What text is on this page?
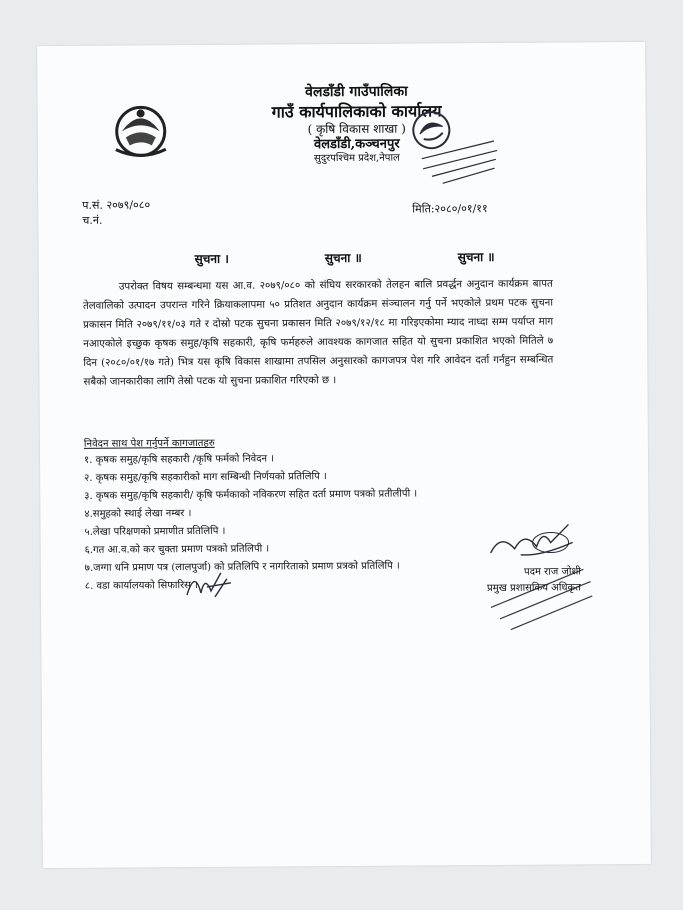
वेलडाँडी गाउँपालिका
गाउँ कार्यपालिकाको कार्यालय
( कृषि विकास शाखा )
वेलडाँडी,कञ्चनपुर
सुदुरपश्चिम प्रदेश,नेपाल
प.सं. २०७९/०८०
च.नं.
मिति:२०८०/०१/११
सुचना ।	सुचना ॥	सुचना ॥
उपरोक्त विषय सम्बन्धमा यस आ.व. २०७९/०८० को संघिय सरकारको तेलहन बालि प्रवर्द्धन अनुदान कार्यक्रम बापत तेलवालिको उत्पादन उपरान्त गरिने क्रियाकलापमा ५० प्रतिशत अनुदान कार्यक्रम संञ्चालन गर्नु पर्ने भएकोले प्रथम पटक सुचना प्रकासन मिति २०७९/११/०३ गते र दोस्रो पटक सुचना प्रकासन मिति २०७९/१२/१८ मा गरिइएकोमा म्याद नाघ्दा सम्म पर्याप्त माग नआएकोले इच्छुक कृषक समुह/कृषि सहकारी, कृषि फर्महरुले आवश्यक कागजात सहित यो सुचना प्रकाशित भएको मितिले ७ दिन (२०८०/०१/१७ गते) भित्र यस कृषि विकास शाखामा तपसिल अनुसारको कागजपत्र पेश गरि आवेदन दर्ता गर्नहुन सम्बन्धित सबैको जानकारीका लागि तेस्रो पटक यो सुचना प्रकाशित गरिएको छ ।
निवेदन साथ पेश गर्नुपर्ने कागजातहरु
१. कृषक समुह/कृषि सहकारी /कृषि फर्मको निवेदन ।
२. कृषक समुह/कृषि सहकारीको माग सम्बिन्धी निर्णयको प्रतिलिपि ।
३. कृषक समुह/कृषि सहकारी/ कृषि फर्मकाको नविकरण सहित दर्ता प्रमाण पत्रको प्रतीलीपी ।
४.समुहको स्थाई लेखा नम्बर ।
५.लेखा परिक्षणको प्रमाणीत प्रतिलिपि ।
६.गत आ.व.को कर चुक्ता प्रमाण पत्रको प्रतिलिपी ।
७.जग्गा धनि प्रमाण पत्र (लालपुर्जा) को प्रतिलिपि र नागरिताको प्रमाण प्रत्रको प्रतिलिपि ।
८. वडा कार्यालयको सिफारिस ।
पदम राज जोशी
प्रमुख प्रशासकिय अधिकृत
